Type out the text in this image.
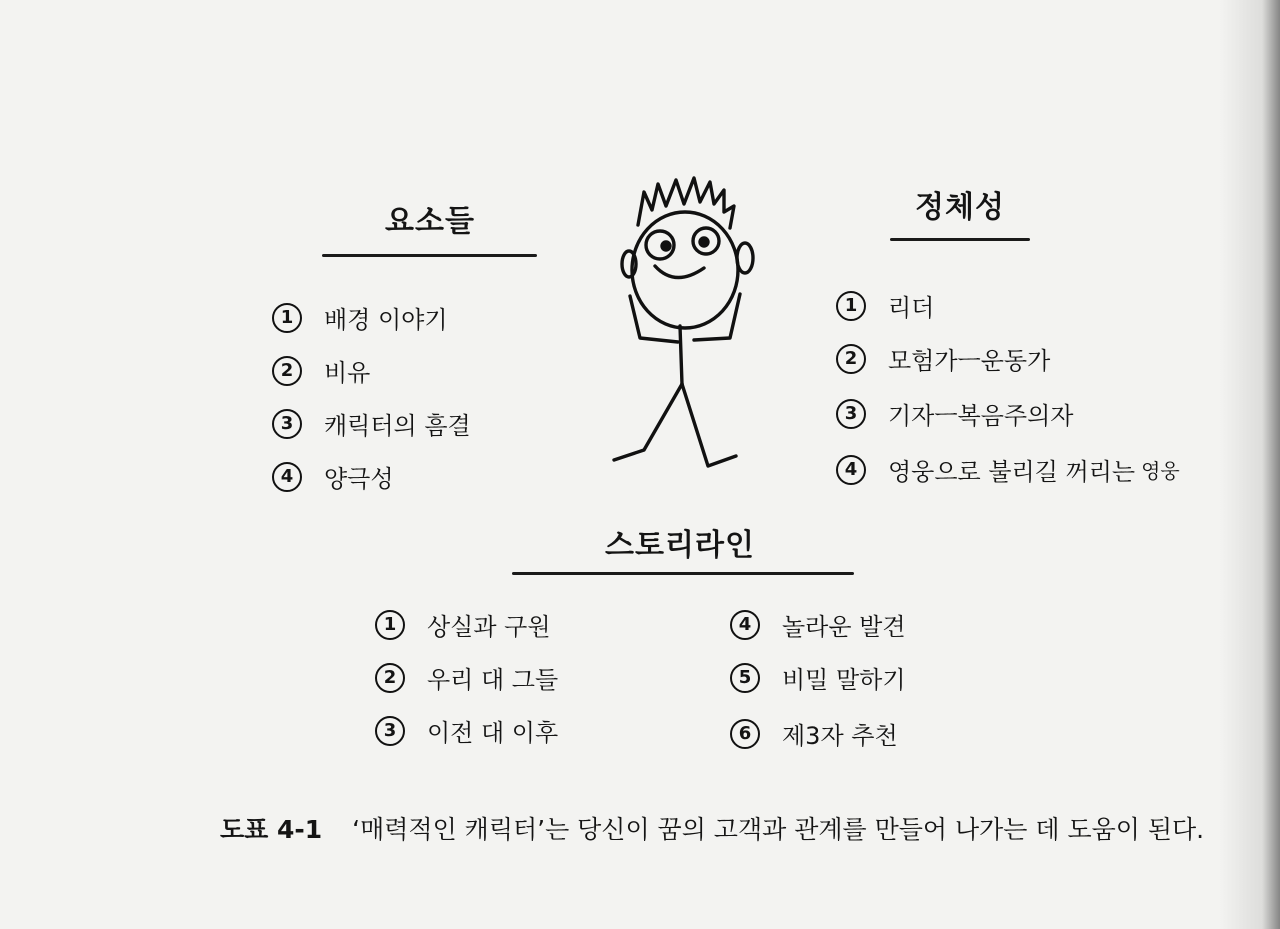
요소들
1	배경 이야기
2	비유
3	캐릭터의 흠결
4	양극성
정체성
1	리더
2	모험가ㅡ운동가
3	기자ㅡ복음주의자
4	영웅으로 불리길 꺼리는 영웅
스토리라인
1	상실과 구원
2	우리 대 그들
3	이전 대 이후
4	놀라운 발견
5	비밀 말하기
6	제3자 추천
도표 4-1 ‘매력적인 캐릭터’는 당신이 꿈의 고객과 관계를 만들어 나가는 데 도움이 된다.
